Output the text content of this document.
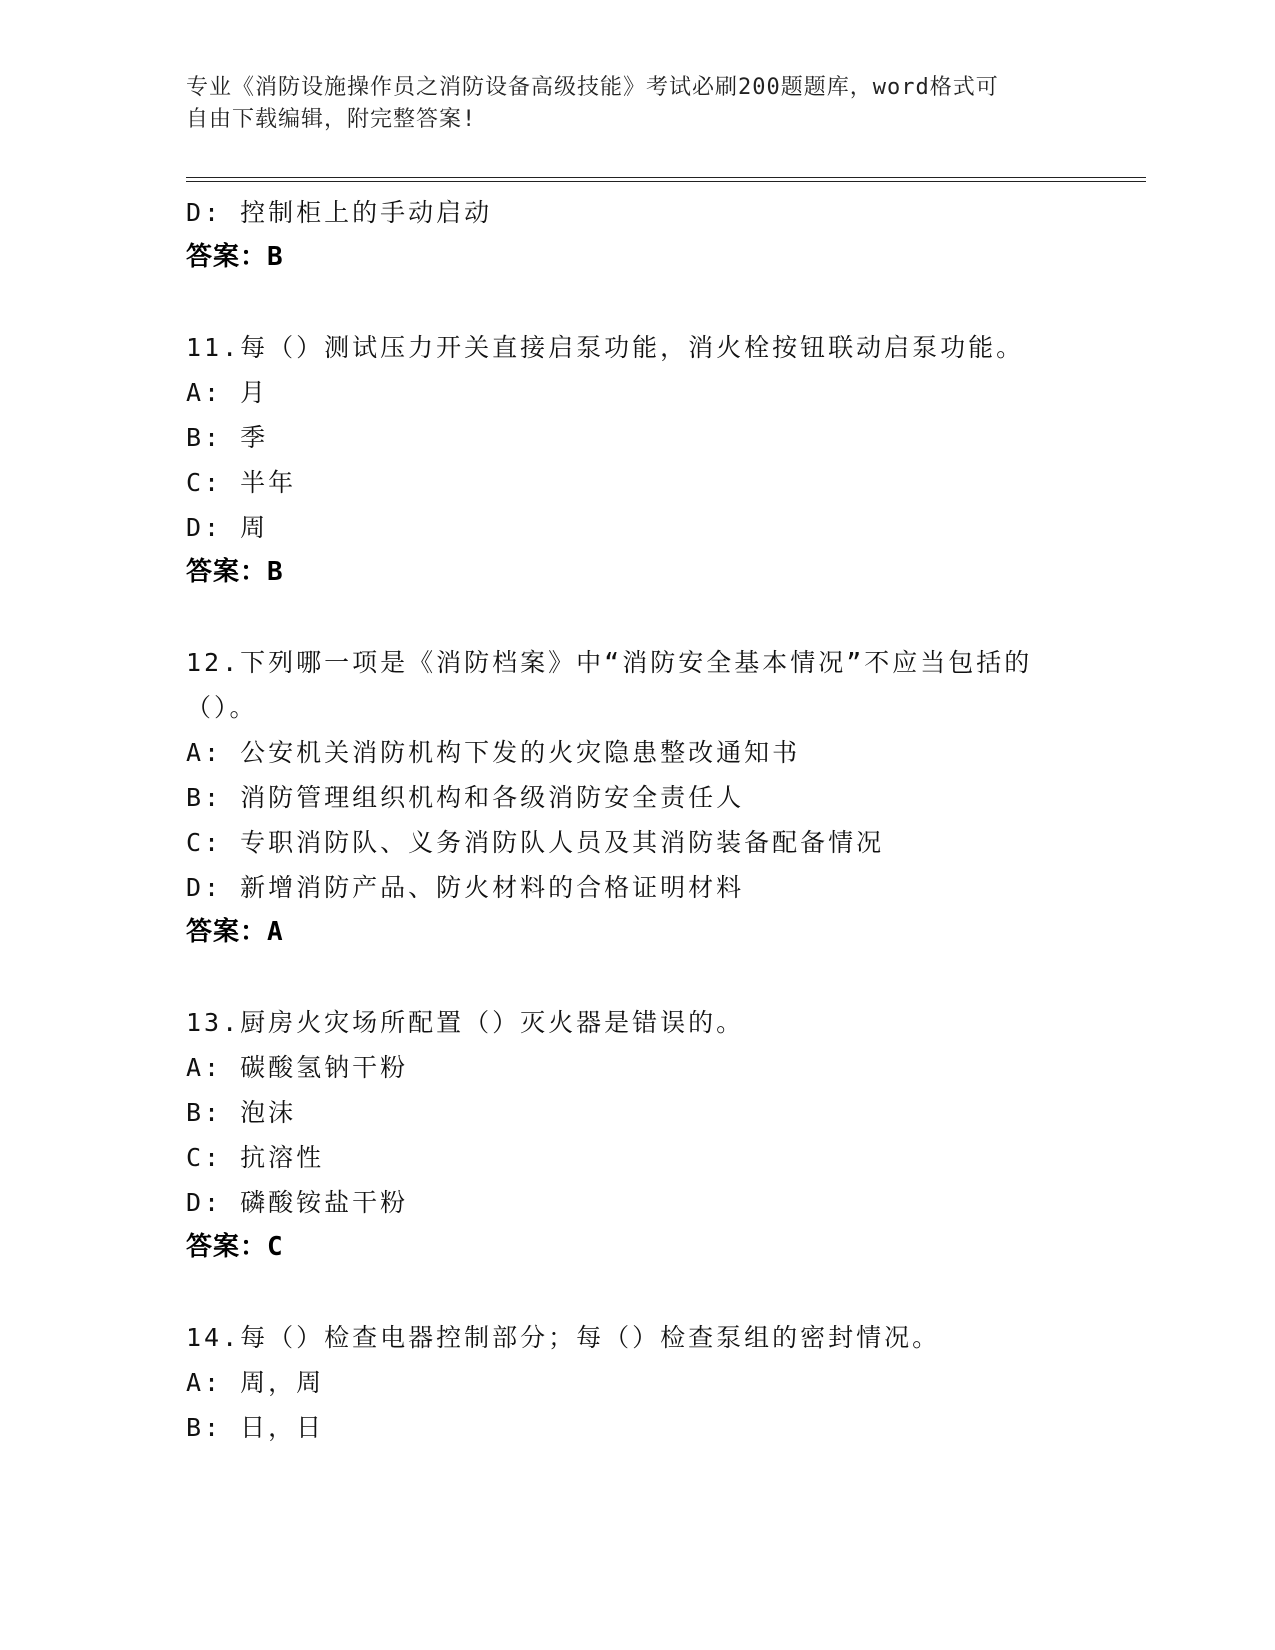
专业《消防设施操作员之消防设备高级技能》考试必刷200题题库，word格式可
自由下载编辑，附完整答案!
D: 控制柜上的手动启动
答案：B
11.每（）测试压力开关直接启泵功能，消火栓按钮联动启泵功能。
A: 月
B: 季
C: 半年
D: 周
答案：B
12.下列哪一项是《消防档案》中“消防安全基本情况”不应当包括的
（）。
A: 公安机关消防机构下发的火灾隐患整改通知书
B: 消防管理组织机构和各级消防安全责任人
C: 专职消防队、义务消防队人员及其消防装备配备情况
D: 新增消防产品、防火材料的合格证明材料
答案：A
13.厨房火灾场所配置（）灭火器是错误的。
A: 碳酸氢钠干粉
B: 泡沫
C: 抗溶性
D: 磷酸铵盐干粉
答案：C
14.每（）检查电器控制部分；每（）检查泵组的密封情况。
A: 周，周
B: 日，日
